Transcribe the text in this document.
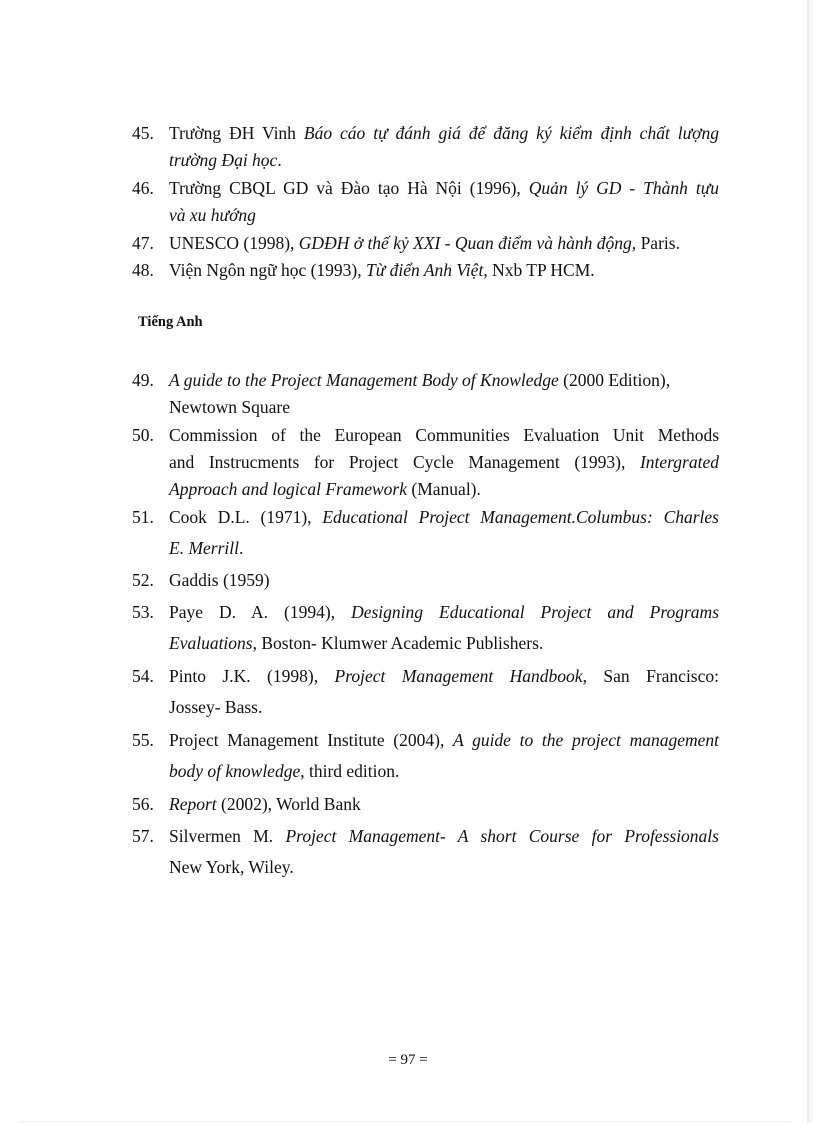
45. Trường ĐH Vinh Báo cáo tự đánh giá để đăng ký kiểm định chất lượng
trường Đại học.
46. Trường CBQL GD và Đào tạo Hà Nội (1996), Quản lý GD - Thành tựu
và xu hướng
47. UNESCO (1998), GDĐH ở thế kỷ XXI - Quan điểm và hành động, Paris.
48. Viện Ngôn ngữ học (1993), Từ điển Anh Việt, Nxb TP HCM.
49. A guide to the Project Management Body of Knowledge (2000 Edition),
Newtown Square
50. Commission of the European Communities Evaluation Unit Methods
and Instrucments for Project Cycle Management (1993), Intergrated
Approach and logical Framework (Manual).
51. Cook D.L. (1971), Educational Project Management.Columbus: Charles
E. Merrill.
52. Gaddis (1959)
53. Paye D. A. (1994), Designing Educational Project and Programs
Evaluations, Boston- Klumwer Academic Publishers.
54. Pinto J.K. (1998), Project Management Handbook, San Francisco:
Jossey- Bass.
55. Project Management Institute (2004), A guide to the project management
body of knowledge, third edition.
56. Report (2002), World Bank
57. Silvermen M. Project Management- A short Course for Professionals
New York, Wiley.
Tiếng Anh
= 97 =
